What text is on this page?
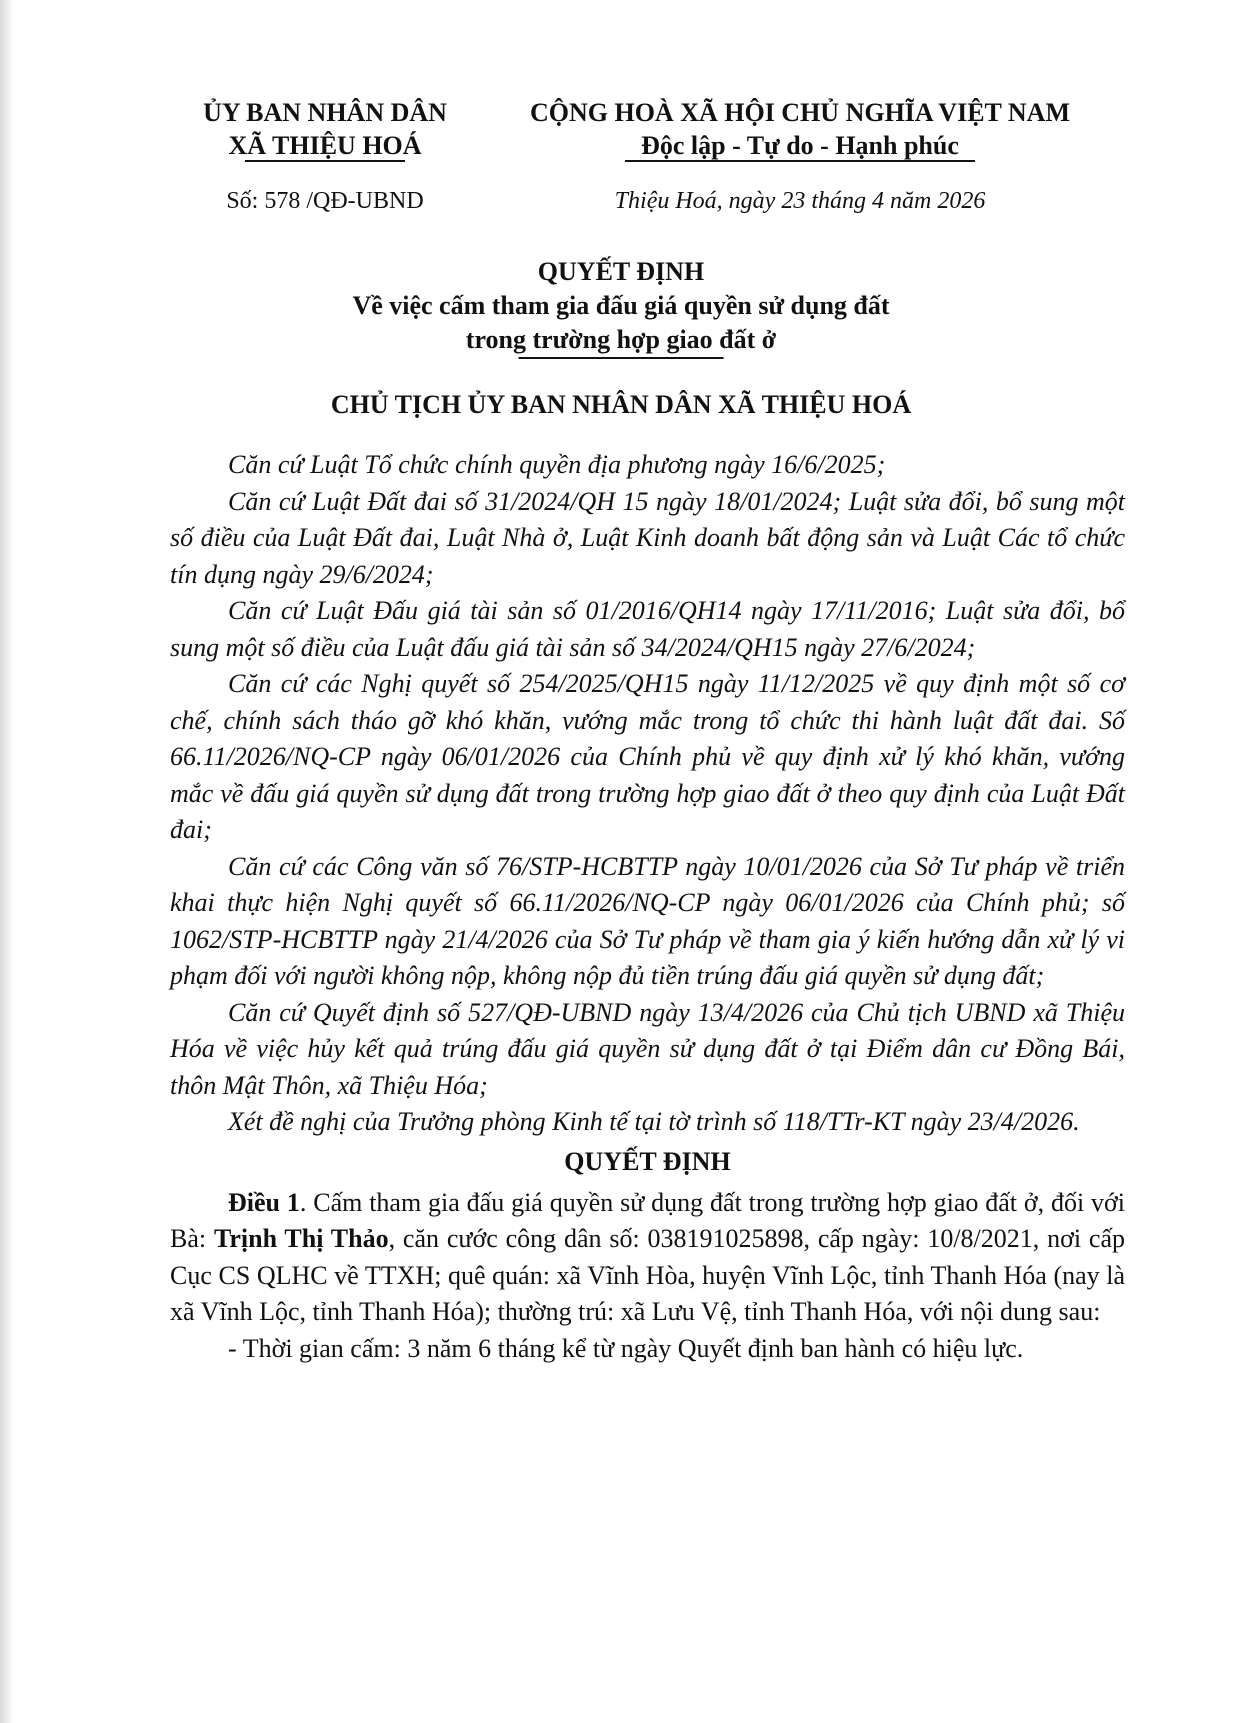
ỦY BAN NHÂN DÂN
XÃ THIỆU HOÁ
CỘNG HOÀ XÃ HỘI CHỦ NGHĨA VIỆT NAM
Độc lập - Tự do - Hạnh phúc
Số: 578 /QĐ-UBND	Thiệu Hoá, ngày 23 tháng 4 năm 2026
QUYẾT ĐỊNH
Về việc cấm tham gia đấu giá quyền sử dụng đất
trong trường hợp giao đất ở
CHỦ TỊCH ỦY BAN NHÂN DÂN XÃ THIỆU HOÁ

Căn cứ Luật Tổ chức chính quyền địa phương ngày 16/6/2025;

Căn cứ Luật Đất đai số 31/2024/QH 15 ngày 18/01/2024; Luật sửa đổi, bổ sung một số điều của Luật Đất đai, Luật Nhà ở, Luật Kinh doanh bất động sản và Luật Các tổ chức tín dụng ngày 29/6/2024;

Căn cứ Luật Đấu giá tài sản số 01/2016/QH14 ngày 17/11/2016; Luật sửa đổi, bổ sung một số điều của Luật đấu giá tài sản số 34/2024/QH15 ngày 27/6/2024;

Căn cứ các Nghị quyết số 254/2025/QH15 ngày 11/12/2025 về quy định một số cơ chế, chính sách tháo gỡ khó khăn, vướng mắc trong tổ chức thi hành luật đất đai. Số 66.11/2026/NQ-CP ngày 06/01/2026 của Chính phủ về quy định xử lý khó khăn, vướng mắc về đấu giá quyền sử dụng đất trong trường hợp giao đất ở theo quy định của Luật Đất đai;

Căn cứ các Công văn số 76/STP-HCBTTP ngày 10/01/2026 của Sở Tư pháp về triển khai thực hiện Nghị quyết số 66.11/2026/NQ-CP ngày 06/01/2026 của Chính phủ; số 1062/STP-HCBTTP ngày 21/4/2026 của Sở Tư pháp về tham gia ý kiến hướng dẫn xử lý vi phạm đối với người không nộp, không nộp đủ tiền trúng đấu giá quyền sử dụng đất;

Căn cứ Quyết định số 527/QĐ-UBND ngày 13/4/2026 của Chủ tịch UBND xã Thiệu Hóa về việc hủy kết quả trúng đấu giá quyền sử dụng đất ở tại Điểm dân cư Đồng Bái, thôn Mật Thôn, xã Thiệu Hóa;

Xét đề nghị của Trưởng phòng Kinh tế tại tờ trình số 118/TTr-KT ngày 23/4/2026.

QUYẾT ĐỊNH

Điều 1. Cấm tham gia đấu giá quyền sử dụng đất trong trường hợp giao đất ở, đối với Bà: Trịnh Thị Thảo, căn cước công dân số: 038191025898, cấp ngày: 10/8/2021, nơi cấp Cục CS QLHC về TTXH; quê quán: xã Vĩnh Hòa, huyện Vĩnh Lộc, tỉnh Thanh Hóa (nay là xã Vĩnh Lộc, tỉnh Thanh Hóa); thường trú: xã Lưu Vệ, tỉnh Thanh Hóa, với nội dung sau:

- Thời gian cấm: 3 năm 6 tháng kể từ ngày Quyết định ban hành có hiệu lực.
